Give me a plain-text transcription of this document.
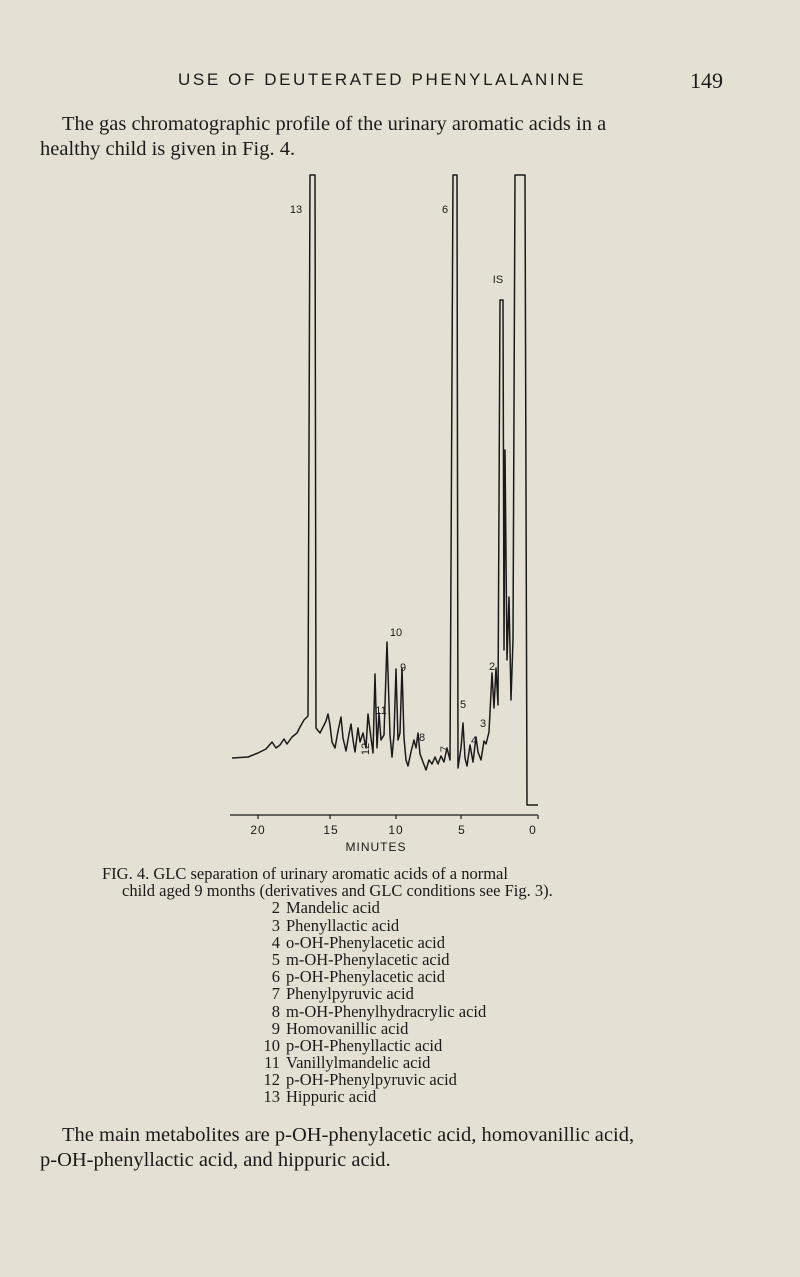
USE OF DEUTERATED PHENYLALANINE	149
The gas chromatographic profile of the urinary aromatic acids in a
healthy child is given in Fig. 4.
20	15	10	5	0
MINUTES
13	6
IS
10
9
11
12
8
7
5
2
3
4
FIG. 4. GLC separation of urinary aromatic acids of a normal
child aged 9 months (derivatives and GLC conditions see Fig. 3).
2 Mandelic acid
3 Phenyllactic acid
4 o-OH-Phenylacetic acid
5 m-OH-Phenylacetic acid
6 p-OH-Phenylacetic acid
7 Phenylpyruvic acid
8 m-OH-Phenylhydracrylic acid
9 Homovanillic acid
10 p-OH-Phenyllactic acid
11 Vanillylmandelic acid
12 p-OH-Phenylpyruvic acid
13 Hippuric acid
The main metabolites are p-OH-phenylacetic acid, homovanillic acid,
p-OH-phenyllactic acid, and hippuric acid.
